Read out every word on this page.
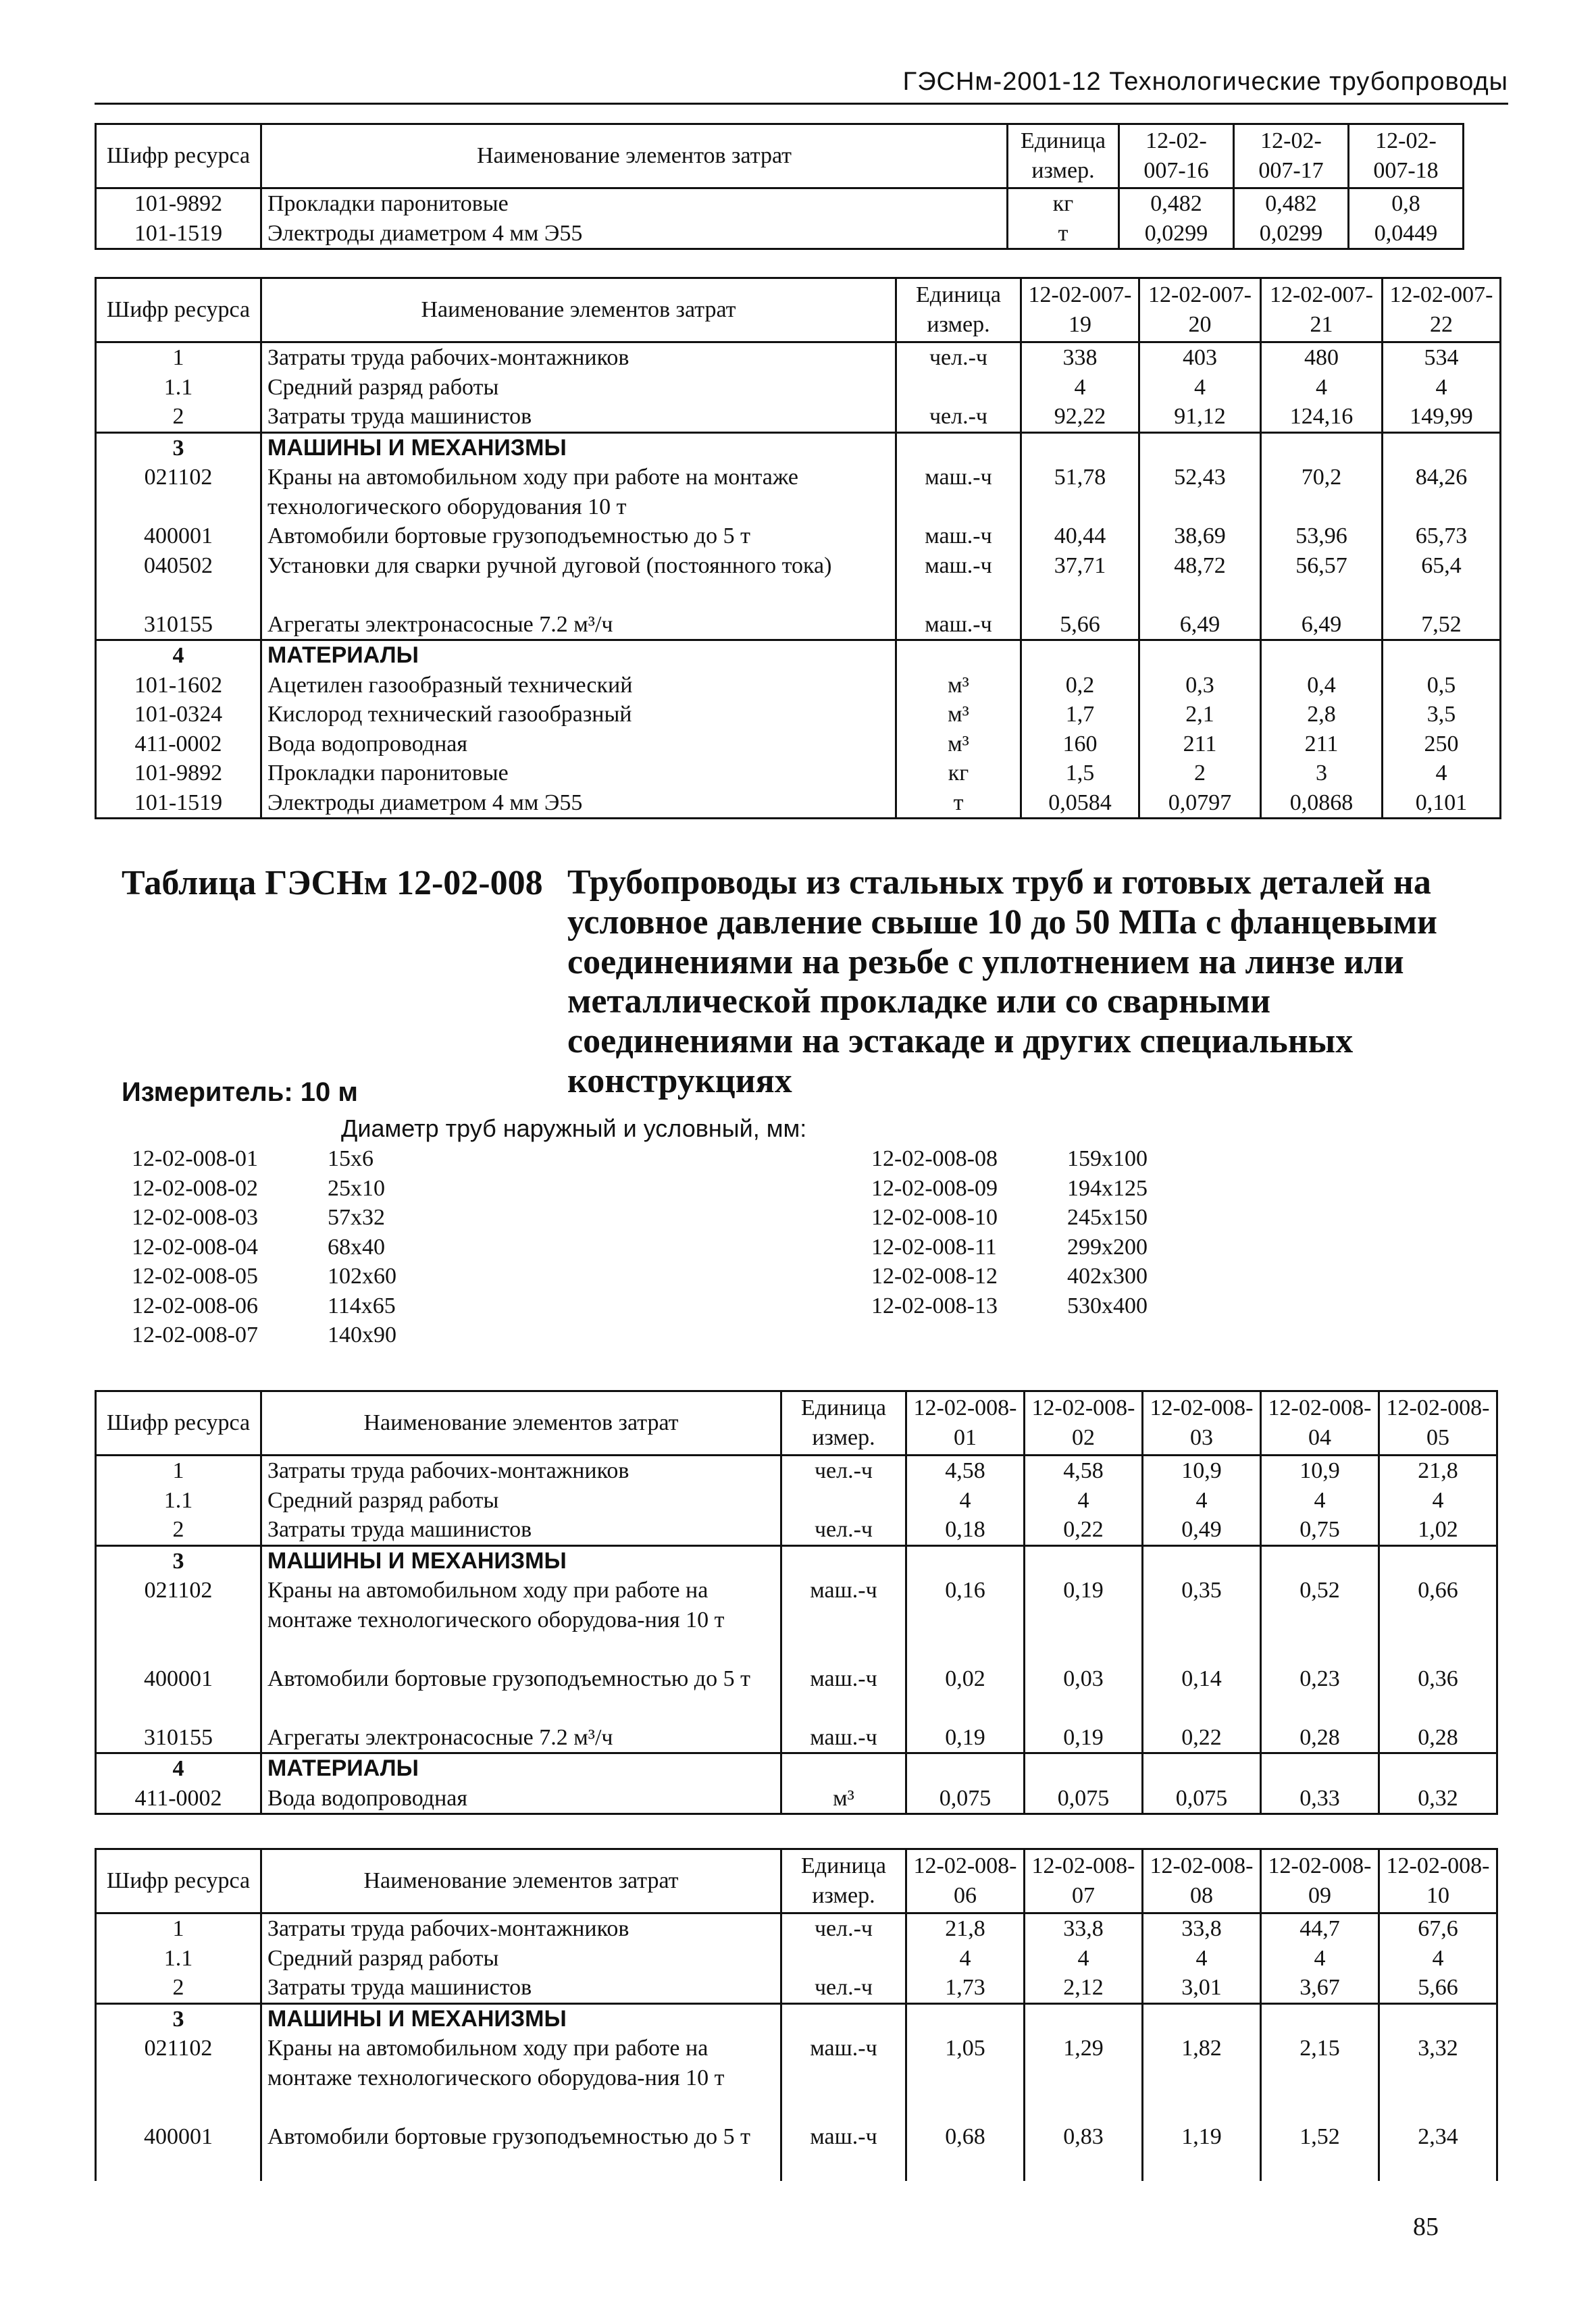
ГЭСНм-2001-12 Технологические трубопроводы
Шифр ресурса	Наименование элементов затрат	Единица измер.	12-02-007-16	12-02-007-17	12-02-007-18
101-9892	Прокладки паронитовые	кг	0,482	0,482	0,8
101-1519	Электроды диаметром 4 мм Э55	т	0,0299	0,0299	0,0449
Шифр ресурса	Наименование элементов затрат	Единица измер.	12-02-007-19	12-02-007-20	12-02-007-21	12-02-007-22
1	Затраты труда рабочих-монтажников	чел.-ч	338	403	480	534
1.1	Средний разряд работы		4	4	4	4
2	Затраты труда машинистов	чел.-ч	92,22	91,12	124,16	149,99
3	МАШИНЫ И МЕХАНИЗМЫ					
021102	Краны на автомобильном ходу при работе на монтаже технологического оборудования 10 т	маш.-ч	51,78	52,43	70,2	84,26
400001	Автомобили бортовые грузоподъемностью до 5 т	маш.-ч	40,44	38,69	53,96	65,73
040502	Установки для сварки ручной дуговой (постоянного тока)	маш.-ч	37,71	48,72	56,57	65,4
310155	Агрегаты электронасосные 7.2 м³/ч	маш.-ч	5,66	6,49	6,49	7,52
4	МАТЕРИАЛЫ					
101-1602	Ацетилен газообразный технический	м³	0,2	0,3	0,4	0,5
101-0324	Кислород технический газообразный	м³	1,7	2,1	2,8	3,5
411-0002	Вода водопроводная	м³	160	211	211	250
101-9892	Прокладки паронитовые	кг	1,5	2	3	4
101-1519	Электроды диаметром 4 мм Э55	т	0,0584	0,0797	0,0868	0,101
Таблица ГЭСНм 12-02-008 Трубопроводы из стальных труб и готовых деталей на условное давление свыше 10 до 50 МПа с фланцевыми соединениями на резьбе с уплотнением на линзе или металлической прокладке или со сварными соединениями на эстакаде и других специальных конструкциях
Измеритель: 10 м
Диаметр труб наружный и условный, мм:
12-02-008-01	15x6
12-02-008-02	25x10
12-02-008-03	57x32
12-02-008-04	68x40
12-02-008-05	102x60
12-02-008-06	114x65
12-02-008-07	140x90
12-02-008-08	159x100
12-02-008-09	194x125
12-02-008-10	245x150
12-02-008-11	299x200
12-02-008-12	402x300
12-02-008-13	530x400
Шифр ресурса	Наименование элементов затрат	Единица измер.	12-02-008-01	12-02-008-02	12-02-008-03	12-02-008-04	12-02-008-05
1	Затраты труда рабочих-монтажников	чел.-ч	4,58	4,58	10,9	10,9	21,8
1.1	Средний разряд работы		4	4	4	4	4
2	Затраты труда машинистов	чел.-ч	0,18	0,22	0,49	0,75	1,02
3	МАШИНЫ И МЕХАНИЗМЫ						
021102	Краны на автомобильном ходу при работе на монтаже технологического оборудова-ния 10 т	маш.-ч	0,16	0,19	0,35	0,52	0,66
400001	Автомобили бортовые грузоподъемностью до 5 т	маш.-ч	0,02	0,03	0,14	0,23	0,36
310155	Агрегаты электронасосные 7.2 м³/ч	маш.-ч	0,19	0,19	0,22	0,28	0,28
4	МАТЕРИАЛЫ						
411-0002	Вода водопроводная	м³	0,075	0,075	0,075	0,33	0,32
Шифр ресурса	Наименование элементов затрат	Единица измер.	12-02-008-06	12-02-008-07	12-02-008-08	12-02-008-09	12-02-008-10
1	Затраты труда рабочих-монтажников	чел.-ч	21,8	33,8	33,8	44,7	67,6
1.1	Средний разряд работы		4	4	4	4	4
2	Затраты труда машинистов	чел.-ч	1,73	2,12	3,01	3,67	5,66
3	МАШИНЫ И МЕХАНИЗМЫ						
021102	Краны на автомобильном ходу при работе на монтаже технологического оборудова-ния 10 т	маш.-ч	1,05	1,29	1,82	2,15	3,32
400001	Автомобили бортовые грузоподъемностью до 5 т	маш.-ч	0,68	0,83	1,19	1,52	2,34
85
